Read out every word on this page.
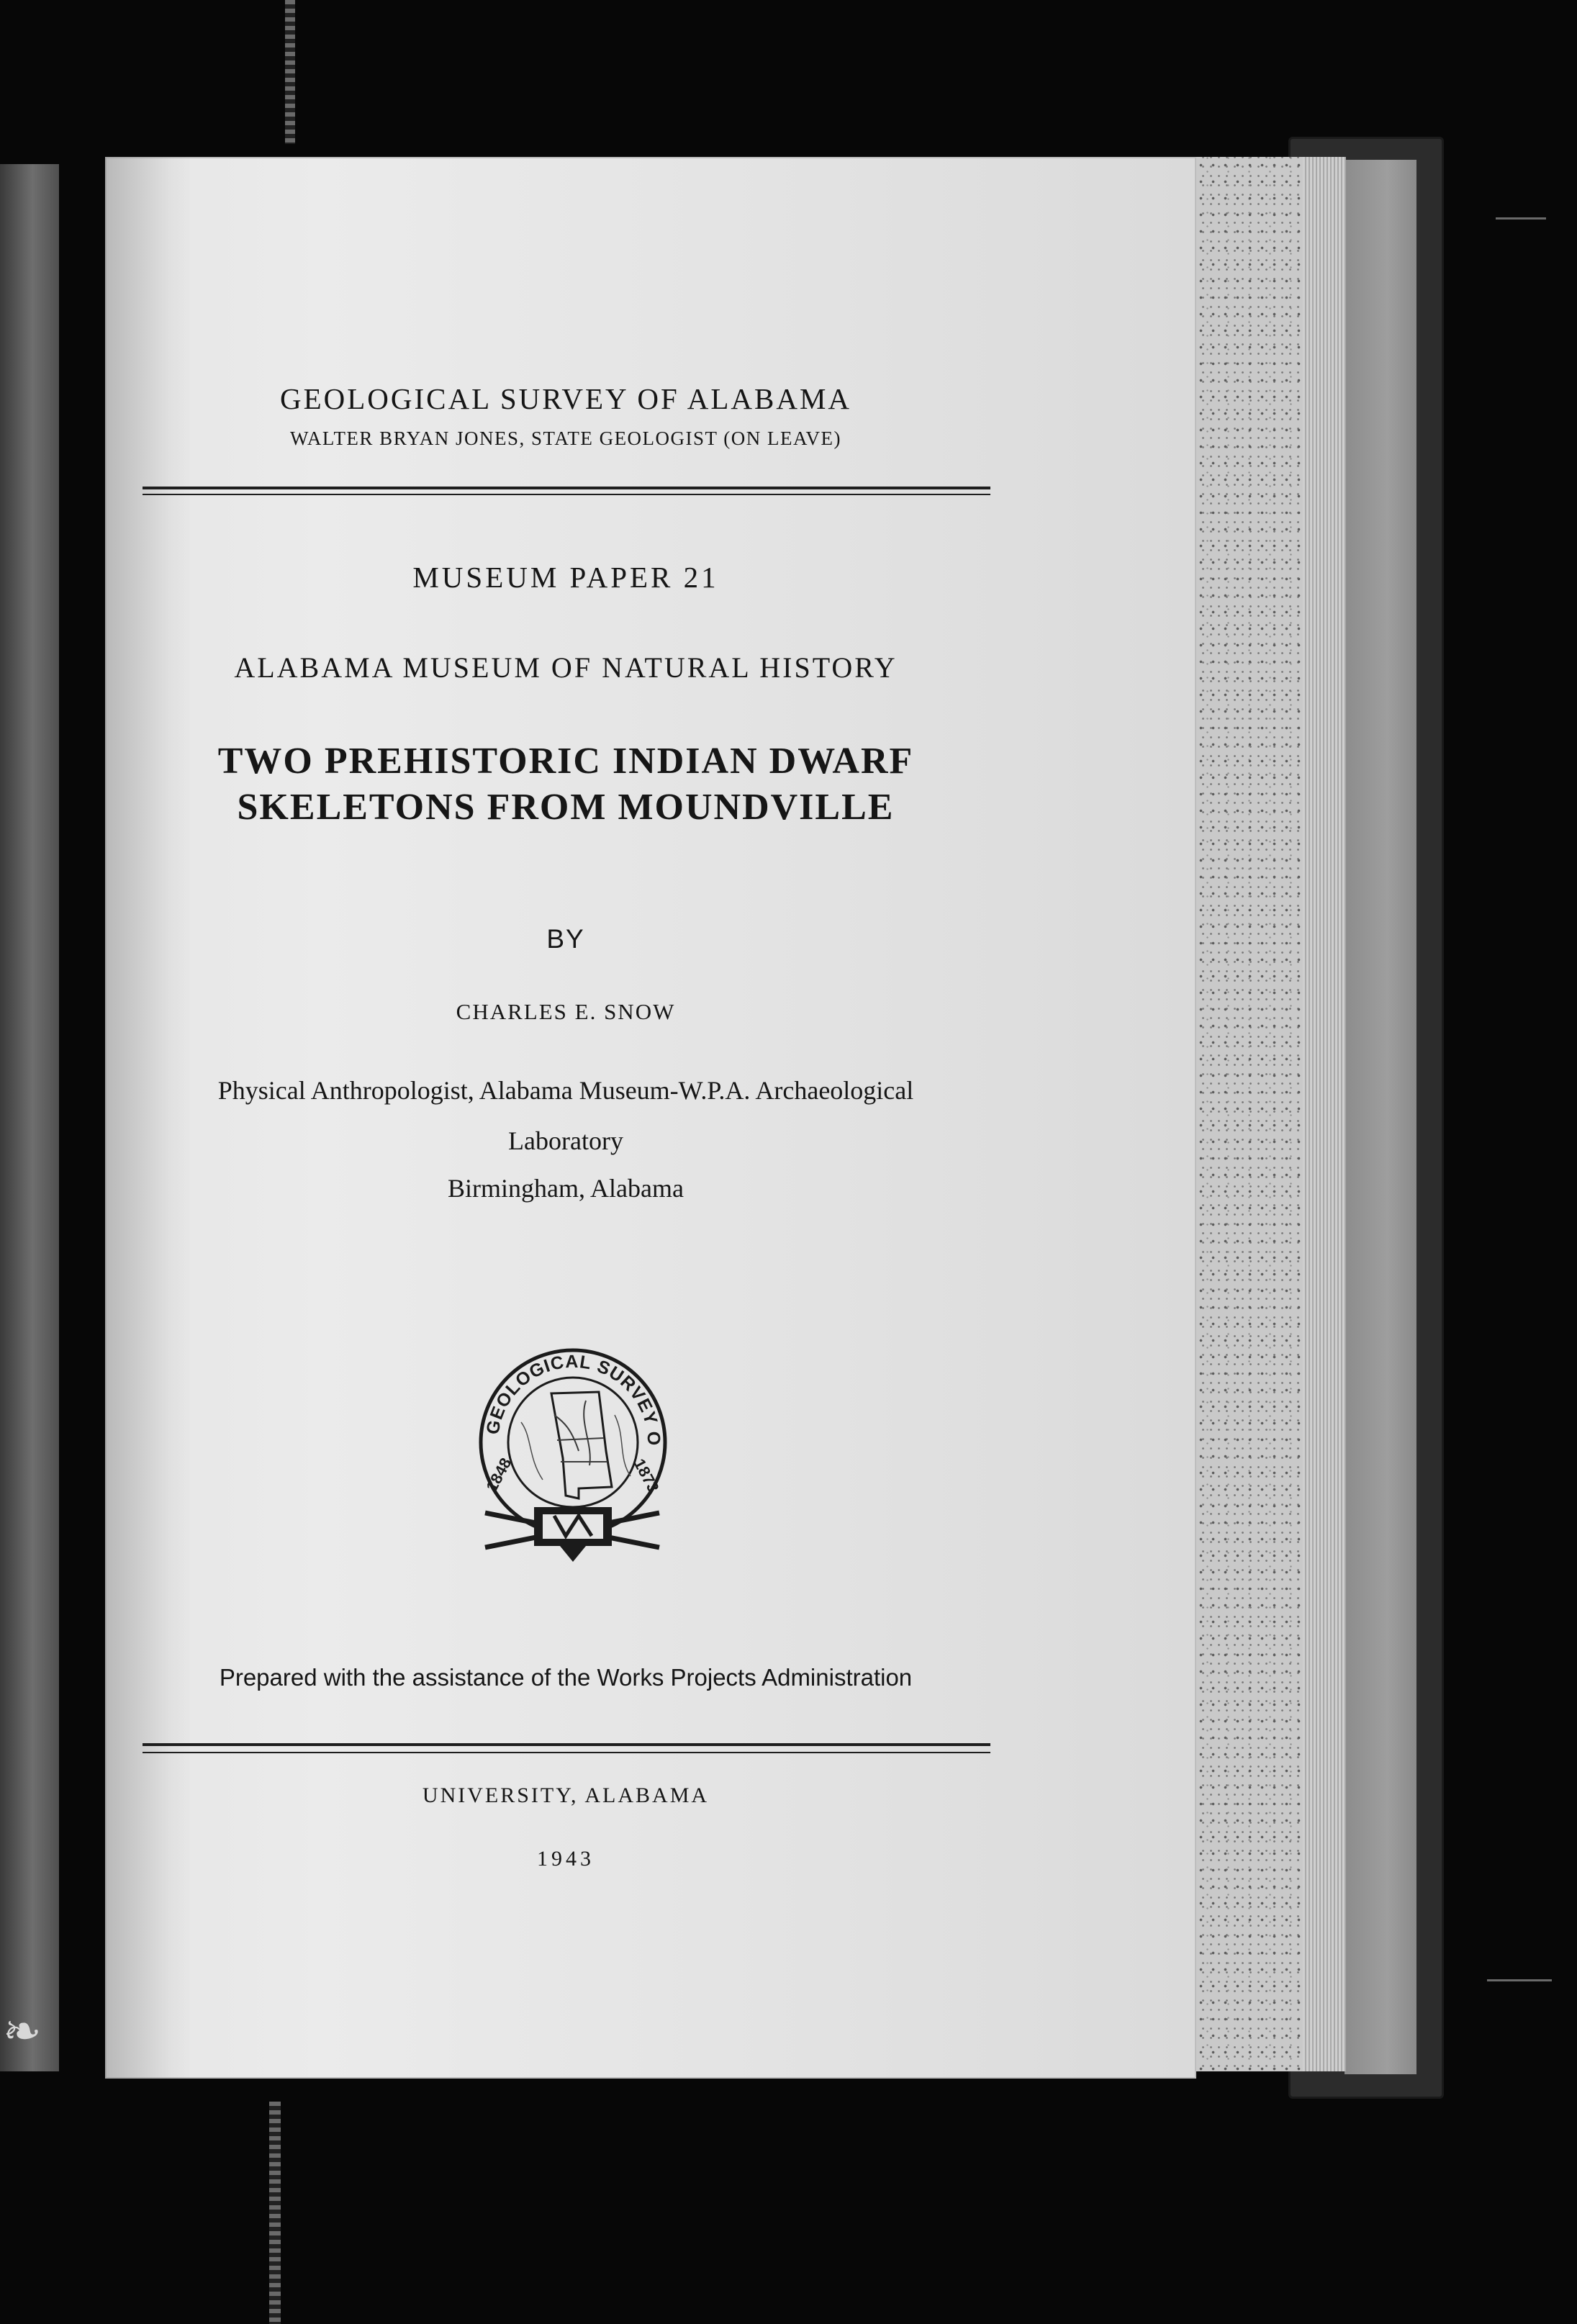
❧
GEOLOGICAL SURVEY OF ALABAMA
WALTER BRYAN JONES, STATE GEOLOGIST (ON LEAVE)
MUSEUM PAPER 21
ALABAMA MUSEUM OF NATURAL HISTORY
TWO PREHISTORIC INDIAN DWARF
SKELETONS FROM MOUNDVILLE
BY
CHARLES E. SNOW
Physical Anthropologist, Alabama Museum-W.P.A. Archaeological
Laboratory
Birmingham, Alabama
GEOLOGICAL SURVEY O
1848	1873
Prepared with the assistance of the Works Projects Administration
UNIVERSITY, ALABAMA
1943
